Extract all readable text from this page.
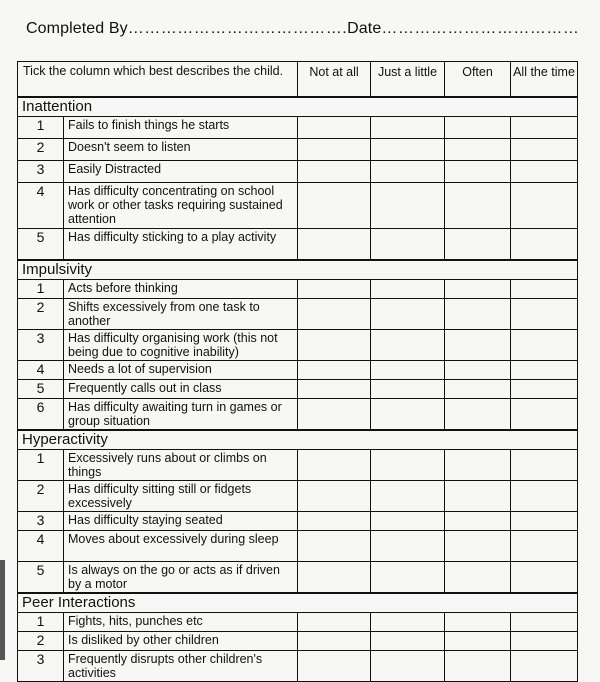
Completed By………………………………….Date………………………………
Tick the column which best describes the child.		Not at all	Just a little	Often	All the time
Inattention					
1	Fails to finish things he starts				
2	Doesn't seem to listen				
3	Easily Distracted				
4	Has difficulty concentrating on school work or other tasks requiring sustained attention				
5	Has difficulty sticking to a play activity				
Impulsivity					
1	Acts before thinking				
2	Shifts excessively from one task to another				
3	Has difficulty organising work (this not being due to cognitive inability)				
4	Needs a lot of supervision				
5	Frequently calls out in class				
6	Has difficulty awaiting turn in games or group situation				
Hyperactivity					
1	Excessively runs about or climbs on things				
2	Has difficulty sitting still or fidgets excessively				
3	Has difficulty staying seated				
4	Moves about excessively during sleep				
5	Is always on the go or acts as if driven by a motor				
Peer Interactions					
1	Fights, hits, punches etc				
2	Is disliked by other children				
3	Frequently disrupts other children's activities				
